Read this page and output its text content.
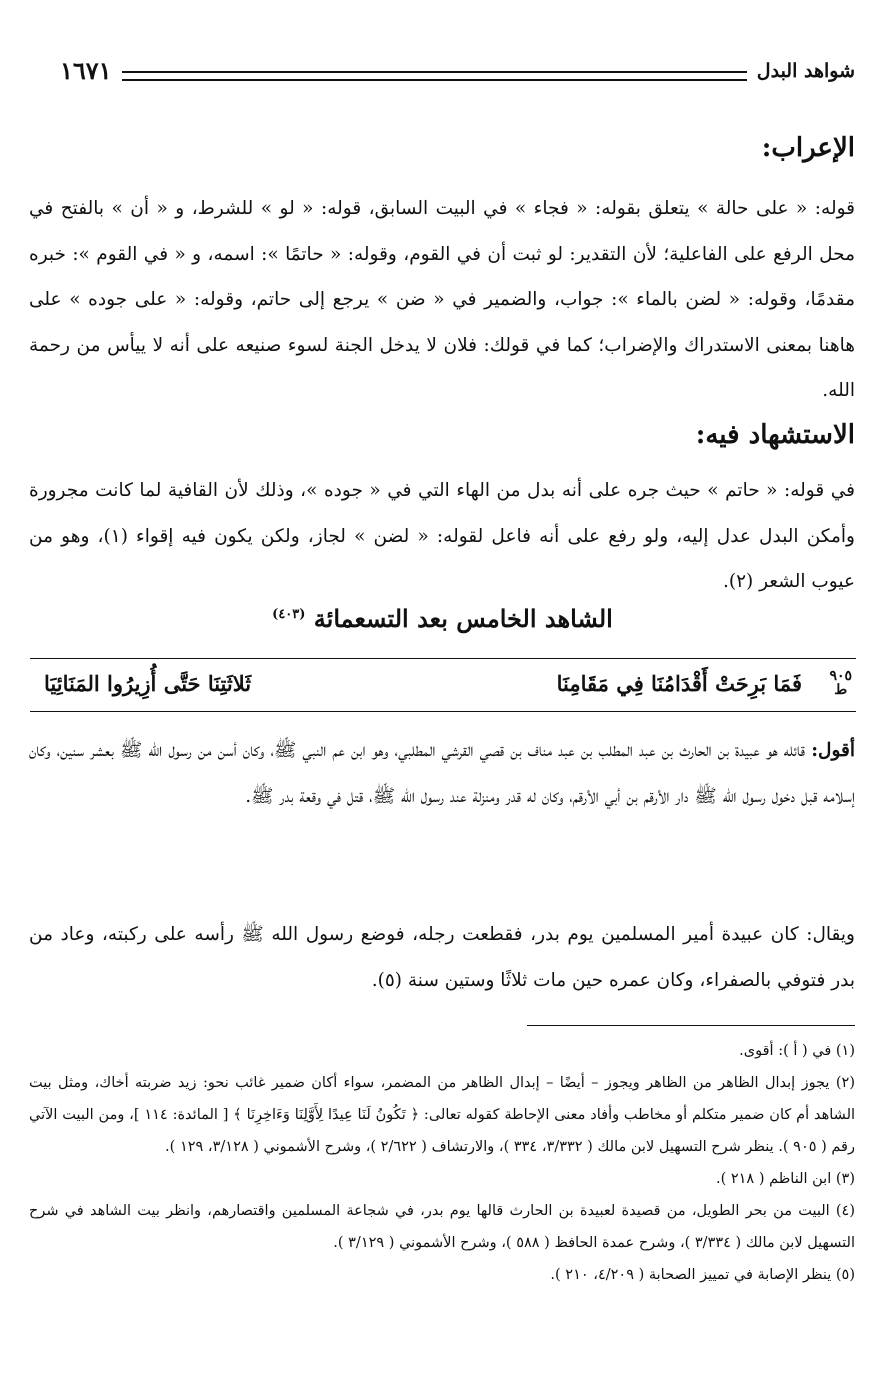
شواهد البدل
١٦٧١
الإعراب:

قوله: « على حالة » يتعلق بقوله: « فجاء » في البيت السابق، قوله: « لو » للشرط، و « أن » بالفتح في محل الرفع على الفاعلية؛ لأن التقدير: لو ثبت أن في القوم، وقوله: « حاتمًا »: اسمه، و « في القوم »: خبره مقدمًا، وقوله: « لضن بالماء »: جواب، والضمير في « ضن » يرجع إلى حاتم، وقوله: « على جوده » على هاهنا بمعنى الاستدراك والإضراب؛ كما في قولك: فلان لا يدخل الجنة لسوء صنيعه على أنه لا ييأس من رحمة الله.

الاستشهاد فيه:

في قوله: « حاتم » حيث جره على أنه بدل من الهاء التي في « جوده »، وذلك لأن القافية لما كانت مجرورة وأمكن البدل عدل إليه، ولو رفع على أنه فاعل لقوله: « لضن » لجاز، ولكن يكون فيه إقواء (١)، وهو من عيوب الشعر (٢).

الشاهد الخامس بعد التسعمائة $^{(٤٠٣)}$
٩٠٥
ط
فَمَا بَرِحَتْ أَقْدَامُنَا فِي مَقَامِنَا
ثَلاثَتِنَا حَتَّى أُزِيرُوا المَنَائِيَا

أقول: قائله هو عبيدة بن الحارث بن عبد المطلب بن عبد مناف بن قصي القرشي المطلبي، وهو ابن عم النبي ﷺ، وكان أسن من رسول الله ﷺ بعشر سنين، وكان إسلامه قبل دخول رسول الله ﷺ دار الأرقم بن أبي الأرقم، وكان له قدر ومنزلة عند رسول الله ﷺ، قتل في وقعة بدر ﷺ.

ويقال: كان عبيدة أمير المسلمين يوم بدر، فقطعت رجله، فوضع رسول الله ﷺ رأسه على ركبته، وعاد من بدر فتوفي بالصفراء، وكان عمره حين مات ثلاثًا وستين سنة (٥).

(١) في ( أ ): أقوى.
(٢) يجوز إبدال الظاهر من الظاهر ويجوز – أيضًا – إبدال الظاهر من المضمر، سواء أكان ضمير غائب نحو: زيد ضربته أخاك، ومثل بيت الشاهد أم كان ضمير متكلم أو مخاطب وأفاد معنى الإحاطة كقوله تعالى: ﴿ تَكُونُ لَنَا عِيدًا لِأَوَّلِنَا وَءَاخِرِنَا ﴾ [ المائدة: ١١٤ ]، ومن البيت الآتي رقم ( ٩٠٥ ). ينظر شرح التسهيل لابن مالك ( ٣/٣٣٢، ٣٣٤ )، والارتشاف ( ٢/٦٢٢ )، وشرح الأشموني ( ٣/١٢٨، ١٢٩ ).
(٣) ابن الناظم ( ٢١٨ ).
(٤) البيت من بحر الطويل، من قصيدة لعبيدة بن الحارث قالها يوم بدر، في شجاعة المسلمين واقتصارهم، وانظر بيت الشاهد في شرح التسهيل لابن مالك ( ٣/٣٣٤ )، وشرح عمدة الحافظ ( ٥٨٨ )، وشرح الأشموني ( ٣/١٢٩ ).
(٥) ينظر الإصابة في تمييز الصحابة ( ٤/٢٠٩، ٢١٠ ).
